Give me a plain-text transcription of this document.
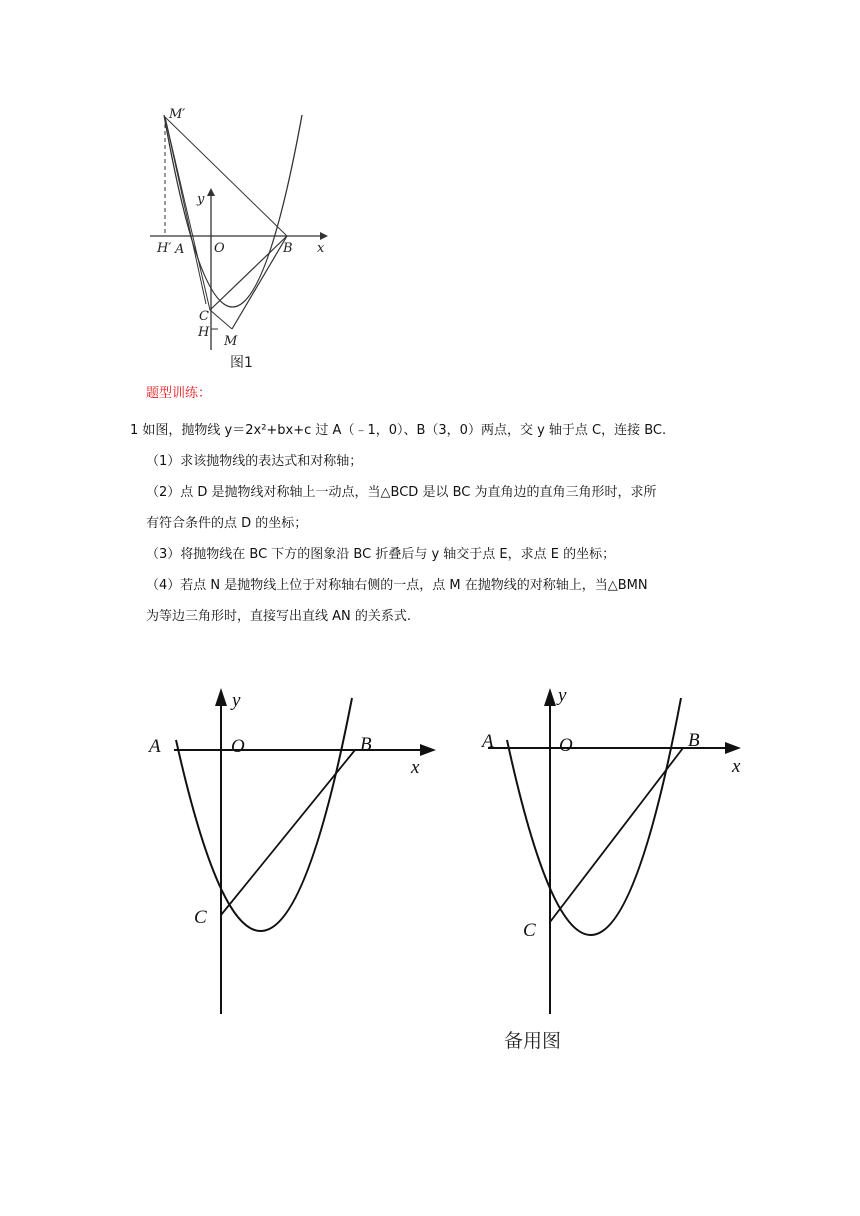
M′
y
H′ A O	B x
C
H
M
图1
题型训练：

1 如图，抛物线 y＝2x²+bx+c 过 A（﹣1，0）、B（3，0）两点，交 y 轴于点 C，连接 BC.

（1）求该抛物线的表达式和对称轴；

（2）点 D 是抛物线对称轴上一动点，当△BCD 是以 BC 为直角边的直角三角形时，求所

有符合条件的点 D 的坐标；

（3）将抛物线在 BC 下方的图象沿 BC 折叠后与 y 轴交于点 E，求点 E 的坐标；

（4）若点 N 是抛物线上位于对称轴右侧的一点，点 M 在抛物线的对称轴上，当△BMN

为等边三角形时，直接写出直线 AN 的关系式.

y
A	O	B
x
C
y
A	O	B
x
C
备用图
